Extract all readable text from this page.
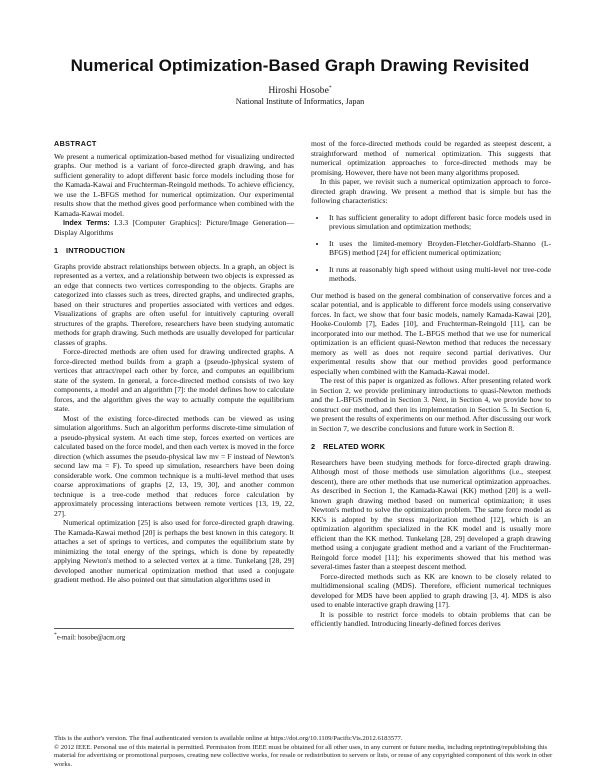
Numerical Optimization-Based Graph Drawing Revisited
Hiroshi Hosobe*
National Institute of Informatics, Japan
ABSTRACT

We present a numerical optimization-based method for visualizing undirected graphs. Our method is a variant of force-directed graph drawing, and has sufficient generality to adopt different basic force models including those for the Kamada-Kawai and Fruchterman-Reingold methods. To achieve efficiency, we use the L-BFGS method for numerical optimization. Our experimental results show that the method gives good performance when combined with the Kamada-Kawai model.

Index Terms: I.3.3 [Computer Graphics]: Picture/Image Generation—Display Algorithms

1 INTRODUCTION

Graphs provide abstract relationships between objects. In a graph, an object is represented as a vertex, and a relationship between two objects is expressed as an edge that connects two vertices corresponding to the objects. Graphs are categorized into classes such as trees, directed graphs, and undirected graphs, based on their structures and properties associated with vertices and edges. Visualizations of graphs are often useful for intuitively capturing overall structures of the graphs. Therefore, researchers have been studying automatic methods for graph drawing. Such methods are usually developed for particular classes of graphs.

Force-directed methods are often used for drawing undirected graphs. A force-directed method builds from a graph a (pseudo-)physical system of vertices that attract/repel each other by force, and computes an equilibrium state of the system. In general, a force-directed method consists of two key components, a model and an algorithm [7]: the model defines how to calculate forces, and the algorithm gives the way to actually compute the equilibrium state.

Most of the existing force-directed methods can be viewed as using simulation algorithms. Such an algorithm performs discrete-time simulation of a pseudo-physical system. At each time step, forces exerted on vertices are calculated based on the force model, and then each vertex is moved in the force direction (which assumes the pseudo-physical law mv = F instead of Newton's second law ma = F). To speed up simulation, researchers have been doing considerable work. One common technique is a multi-level method that uses coarse approximations of graphs [2, 13, 19, 30], and another common technique is a tree-code method that reduces force calculation by approximately processing interactions between remote vertices [13, 19, 22, 27].

Numerical optimization [25] is also used for force-directed graph drawing. The Kamada-Kawai method [20] is perhaps the best known in this category. It attaches a set of springs to vertices, and computes the equilibrium state by minimizing the total energy of the springs, which is done by repeatedly applying Newton's method to a selected vertex at a time. Tunkelang [28, 29] developed another numerical optimization method that used a conjugate gradient method. He also pointed out that simulation algorithms used in

*e-mail: hosobe@acm.org

most of the force-directed methods could be regarded as steepest descent, a straightforward method of numerical optimization. This suggests that numerical optimization approaches to force-directed methods may be promising. However, there have not been many algorithms proposed.

In this paper, we revisit such a numerical optimization approach to force-directed graph drawing. We present a method that is simple but has the following characteristics:

• It has sufficient generality to adopt different basic force models used in previous simulation and optimization methods;
• It uses the limited-memory Broyden-Fletcher-Goldfarb-Shanno (L-BFGS) method [24] for efficient numerical optimization;
• It runs at reasonably high speed without using multi-level nor tree-code methods.

Our method is based on the general combination of conservative forces and a scalar potential, and is applicable to different force models using conservative forces. In fact, we show that four basic models, namely Kamada-Kawai [20], Hooke-Coulomb [7], Eades [10], and Fruchterman-Reingold [11], can be incorporated into our method. The L-BFGS method that we use for numerical optimization is an efficient quasi-Newton method that reduces the necessary memory as well as does not require second partial derivatives. Our experimental results show that our method provides good performance especially when combined with the Kamada-Kawai model.

The rest of this paper is organized as follows. After presenting related work in Section 2, we provide preliminary introductions to quasi-Newton methods and the L-BFGS method in Section 3. Next, in Section 4, we provide how to construct our method, and then its implementation in Section 5. In Section 6, we present the results of experiments on our method. After discussing our work in Section 7, we describe conclusions and future work in Section 8.

2 RELATED WORK

Researchers have been studying methods for force-directed graph drawing. Although most of those methods use simulation algorithms (i.e., steepest descent), there are other methods that use numerical optimization approaches. As described in Section 1, the Kamada-Kawai (KK) method [20] is a well-known graph drawing method based on numerical optimization; it uses Newton's method to solve the optimization problem. The same force model as KK's is adopted by the stress majorization method [12], which is an optimization algorithm specialized in the KK model and is usually more efficient than the KK method. Tunkelang [28, 29] developed a graph drawing method using a conjugate gradient method and a variant of the Fruchterman-Reingold force model [11]; his experiments showed that his method was several-times faster than a steepest descent method.

Force-directed methods such as KK are known to be closely related to multidimensional scaling (MDS). Therefore, efficient numerical techniques developed for MDS have been applied to graph drawing [3, 4]. MDS is also used to enable interactive graph drawing [17].

It is possible to restrict force models to obtain problems that can be efficiently handled. Introducing linearly-defined forces derives

This is the author's version. The final authenticated version is available online at https://doi.org/10.1109/PacificVis.2012.6183577.
© 2012 IEEE. Personal use of this material is permitted. Permission from IEEE must be obtained for all other uses, in any current or future media, including reprinting/republishing this material for advertising or promotional purposes, creating new collective works, for resale or redistribution to servers or lists, or reuse of any copyrighted component of this work in other works.
